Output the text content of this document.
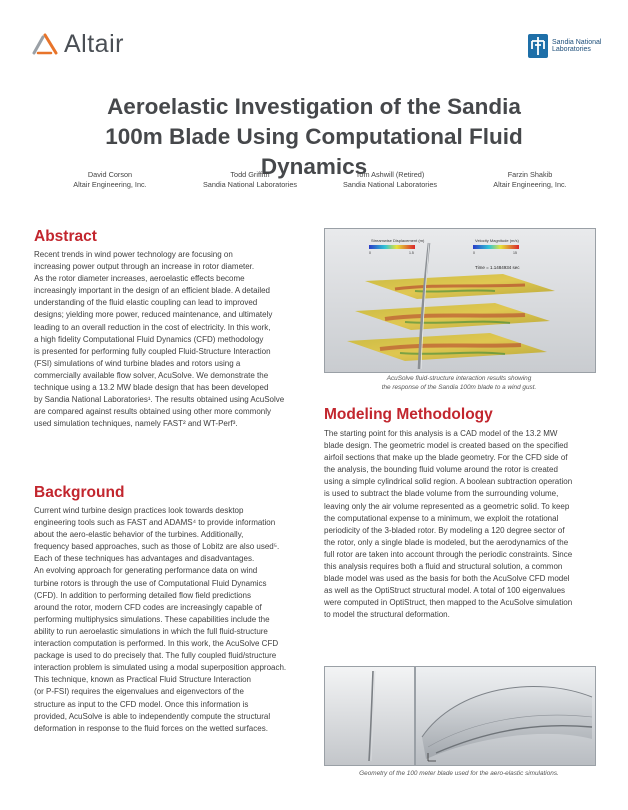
Altair	Sandia National Laboratories
Aeroelastic Investigation of the Sandia
100m Blade Using Computational Fluid Dynamics
David Corson
Altair Engineering, Inc.
Todd Griffith
Sandia National Laboratories
Tom Ashwill (Retired)
Sandia National Laboratories
Farzin Shakib
Altair Engineering, Inc.
Abstract
Recent trends in wind power technology are focusing on
increasing power output through an increase in rotor diameter.
As the rotor diameter increases, aeroelastic effects become
increasingly important in the design of an efficient blade. A detailed
understanding of the fluid elastic coupling can lead to improved
designs; yielding more power, reduced maintenance, and ultimately
leading to an overall reduction in the cost of electricity. In this work,
a high fidelity Computational Fluid Dynamics (CFD) methodology
is presented for performing fully coupled Fluid-Structure Interaction
(FSI) simulations of wind turbine blades and rotors using a
commercially available flow solver, AcuSolve. We demonstrate the
technique using a 13.2 MW blade design that has been developed
by Sandia National Laboratories¹. The results obtained using AcuSolve
are compared against results obtained using other more commonly
used simulation techniques, namely FAST² and WT-Perf³.
Background
Current wind turbine design practices look towards desktop
engineering tools such as FAST and ADAMS⁴ to provide information
about the aero-elastic behavior of the turbines. Additionally,
frequency based approaches, such as those of Lobitz are also used⁵.
Each of these techniques has advantages and disadvantages.
An evolving approach for generating performance data on wind
turbine rotors is through the use of Computational Fluid Dynamics
(CFD). In addition to performing detailed flow field predictions
around the rotor, modern CFD codes are increasingly capable of
performing multiphysics simulations. These capabilities include the
ability to run aeroelastic simulations in which the full fluid-structure
interaction computation is performed. In this work, the AcuSolve CFD
package is used to do precisely that. The fully coupled fluid/structure
interaction problem is simulated using a modal superposition approach.
This technique, known as Practical Fluid Structure Interaction
(or P-FSI) requires the eigenvalues and eigenvectors of the
structure as input to the CFD model. Once this information is
provided, AcuSolve is able to independently compute the structural
deformation in response to the fluid forces on the wetted surfaces.
Streamwise Displacement (m)
0	1.5
Velocity Magnitude (m/s)
0	15
Time = 1.1484934 sec
AcuSolve fluid-structure interaction results showing
the response of the Sandia 100m blade to a wind gust.
Modeling Methodology
The starting point for this analysis is a CAD model of the 13.2 MW
blade design. The geometric model is created based on the specified
airfoil sections that make up the blade geometry. For the CFD side of
the analysis, the bounding fluid volume around the rotor is created
using a simple cylindrical solid region. A boolean subtraction operation
is used to subtract the blade volume from the surrounding volume,
leaving only the air volume represented as a geometric solid. To keep
the computational expense to a minimum, we exploit the rotational
periodicity of the 3-bladed rotor. By modeling a 120 degree sector of
the rotor, only a single blade is modeled, but the aerodynamics of the
full rotor are taken into account through the periodic constraints. Since
this analysis requires both a fluid and structural solution, a common
blade model was used as the basis for both the AcuSolve CFD model
as well as the OptiStruct structural model. A total of 100 eigenvalues
were computed in OptiStruct, then mapped to the AcuSolve simulation
to model the structural deformation.
Geometry of the 100 meter blade used for the aero-elastic simulations.
